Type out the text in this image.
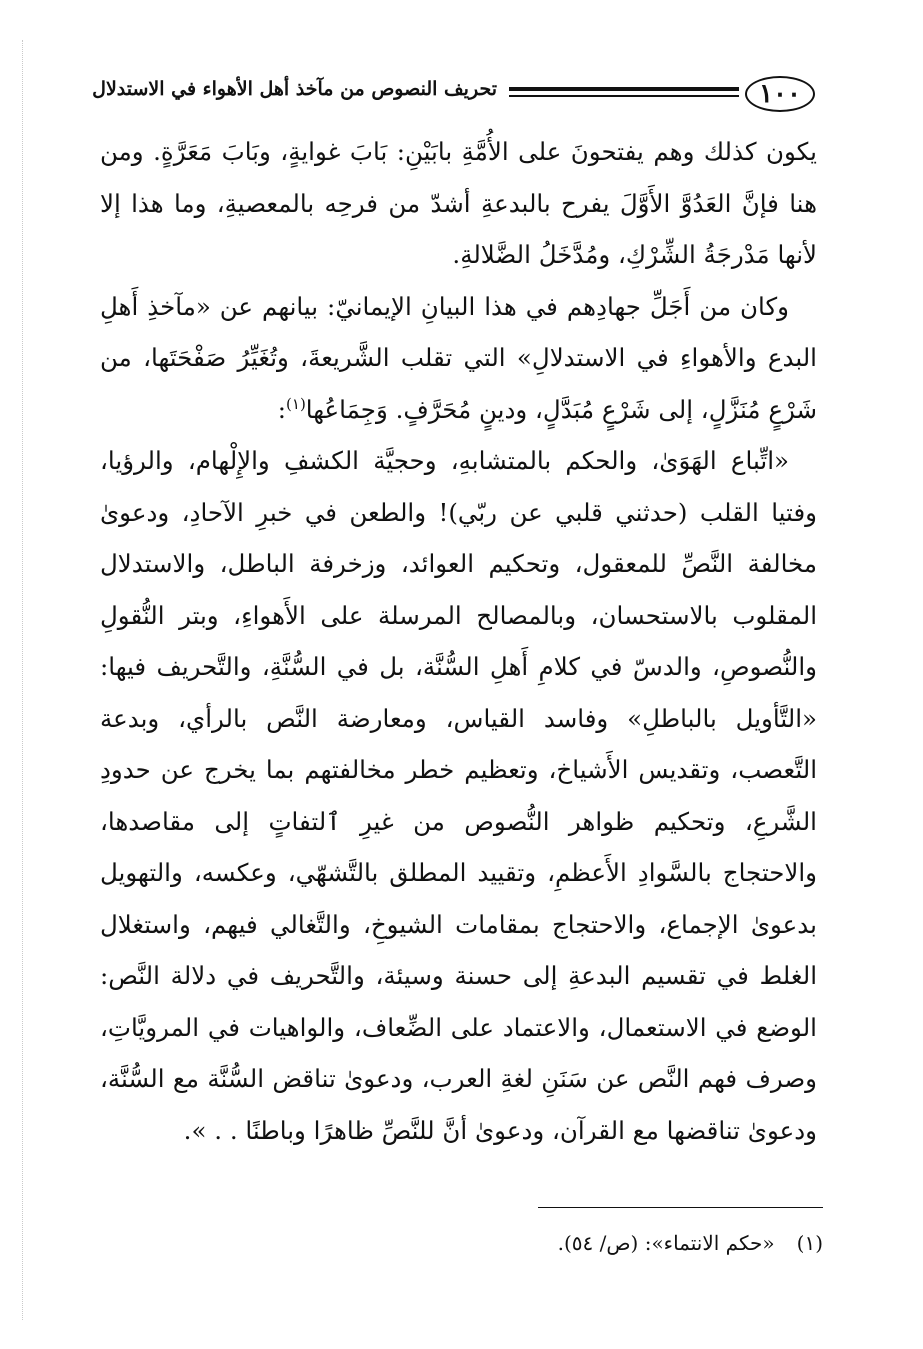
١٠٠
تحريف النصوص من مآخذ أهل الأهواء في الاستدلال

يكون كذلك وهم يفتحونَ على الأُمَّةِ بابَيْنِ: بَابَ غوايةٍ، وبَابَ مَعَرَّةٍ. ومن هنا فإنَّ العَدُوَّ الأَوَّلَ يفرح بالبدعةِ أشدّ من فرحِه بالمعصيةِ، وما هذا إلا لأنها مَدْرجَةُ الشِّرْكِ، ومُدَّخَلُ الضَّلالةِ.

وكان من أَجَلِّ جهادِهم في هذا البيانِ الإيمانيّ: بيانهم عن «مآخذِ أَهلِ البدع والأهواءِ في الاستدلالِ» التي تقلب الشَّريعةَ، وتُغَيِّرُ صَفْحَتَها، من شَرْعٍ مُنَزَّلٍ، إلى شَرْعٍ مُبَدَّلٍ، ودينٍ مُحَرَّفٍ. وَجِمَاعُها$^{(١)}$:

«اتِّباع الهَوَىٰ، والحكم بالمتشابهِ، وحجيَّة الكشفِ والإِلْهام، والرؤيا، وفتيا القلب (حدثني قلبي عن ربّي)! والطعن في خبرِ الآحادِ، ودعوىٰ مخالفة النَّصِّ للمعقول، وتحكيم العوائد، وزخرفة الباطل، والاستدلال المقلوب بالاستحسان، وبالمصالح المرسلة على الأَهواءِ، وبتر النُّقولِ والنُّصوصِ، والدسّ في كلامِ أَهلِ السُّنَّة، بل في السُّنَّةِ، والتَّحريف فيها: «التَّأويل بالباطلِ» وفاسد القياس، ومعارضة النَّص بالرأي، وبدعة التَّعصب، وتقديس الأَشياخ، وتعظيم خطر مخالفتهم بما يخرج عن حدودِ الشَّرعِ، وتحكيم ظواهر النُّصوص من غيرِ ٱلتفاتٍ إلى مقاصدها، والاحتجاج بالسَّوادِ الأَعظمِ، وتقييد المطلق بالتَّشهّي، وعكسه، والتهويل بدعوىٰ الإجماع، والاحتجاج بمقامات الشيوخِ، والتَّغالي فيهم، واستغلال الغلط في تقسيم البدعةِ إلى حسنة وسيئة، والتَّحريف في دلالة النَّص: الوضع في الاستعمال، والاعتماد على الضِّعاف، والواهيات في المرويَّاتِ، وصرف فهم النَّص عن سَنَنِ لغةِ العرب، ودعوىٰ تناقض السُّنَّة مع السُّنَّة، ودعوىٰ تناقضها مع القرآن، ودعوىٰ أنَّ للنَّصِّ ظاهرًا وباطنًا . . ».

(١)«حكم الانتماء»: (ص/ ٥٤).
